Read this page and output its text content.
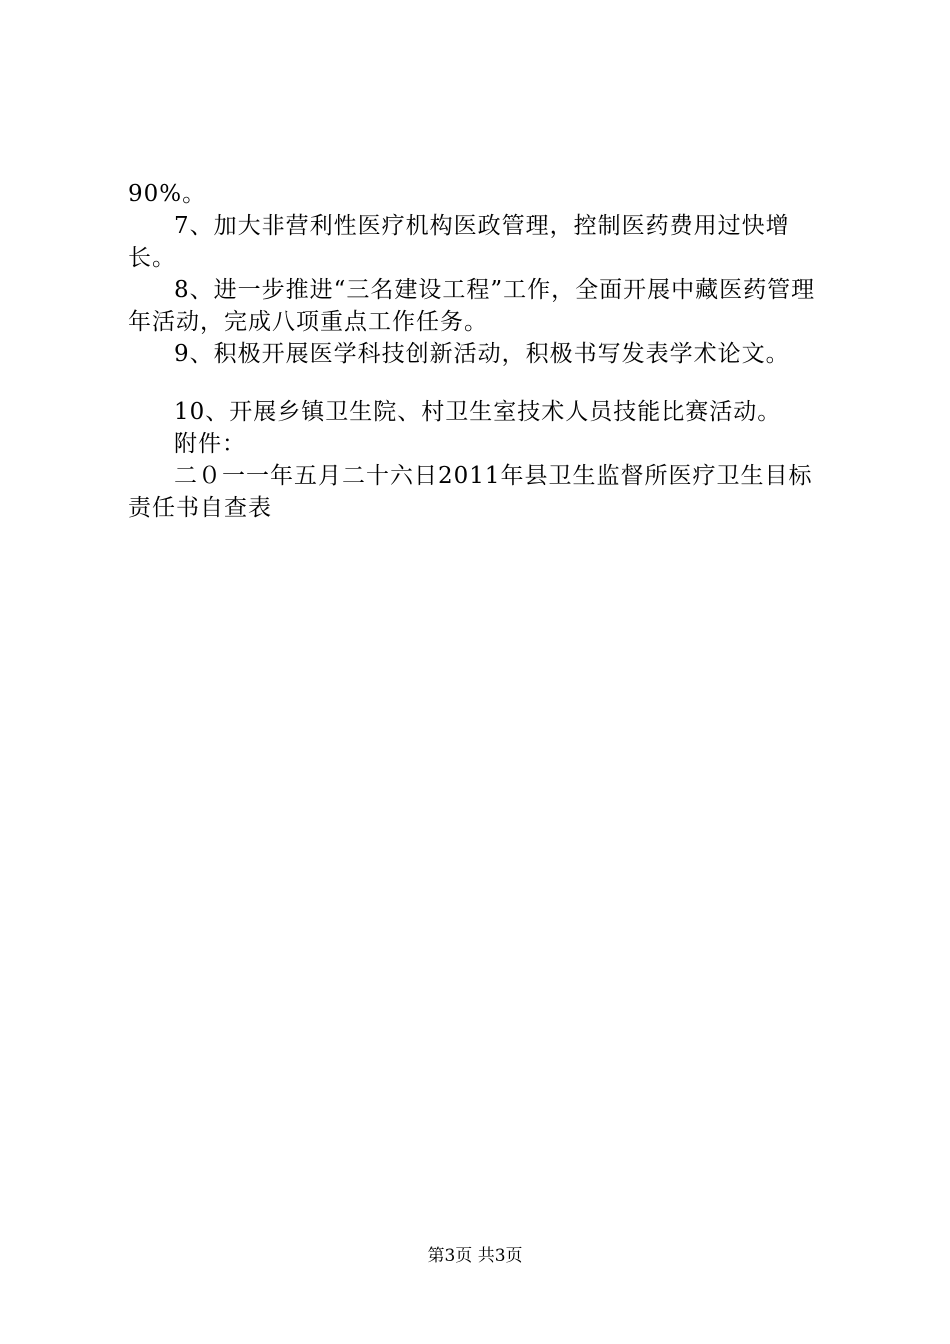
90%。

7、加大非营利性医疗机构医政管理，控制医药费用过快增长。

8、进一步推进“三名建设工程”工作，全面开展中藏医药管理年活动，完成八项重点工作任务。

9、积极开展医学科技创新活动，积极书写发表学术论文。

10、开展乡镇卫生院、村卫生室技术人员技能比赛活动。

附件：

二０一一年五月二十六日2011年县卫生监督所医疗卫生目标责任书自查表

第3页 共3页
